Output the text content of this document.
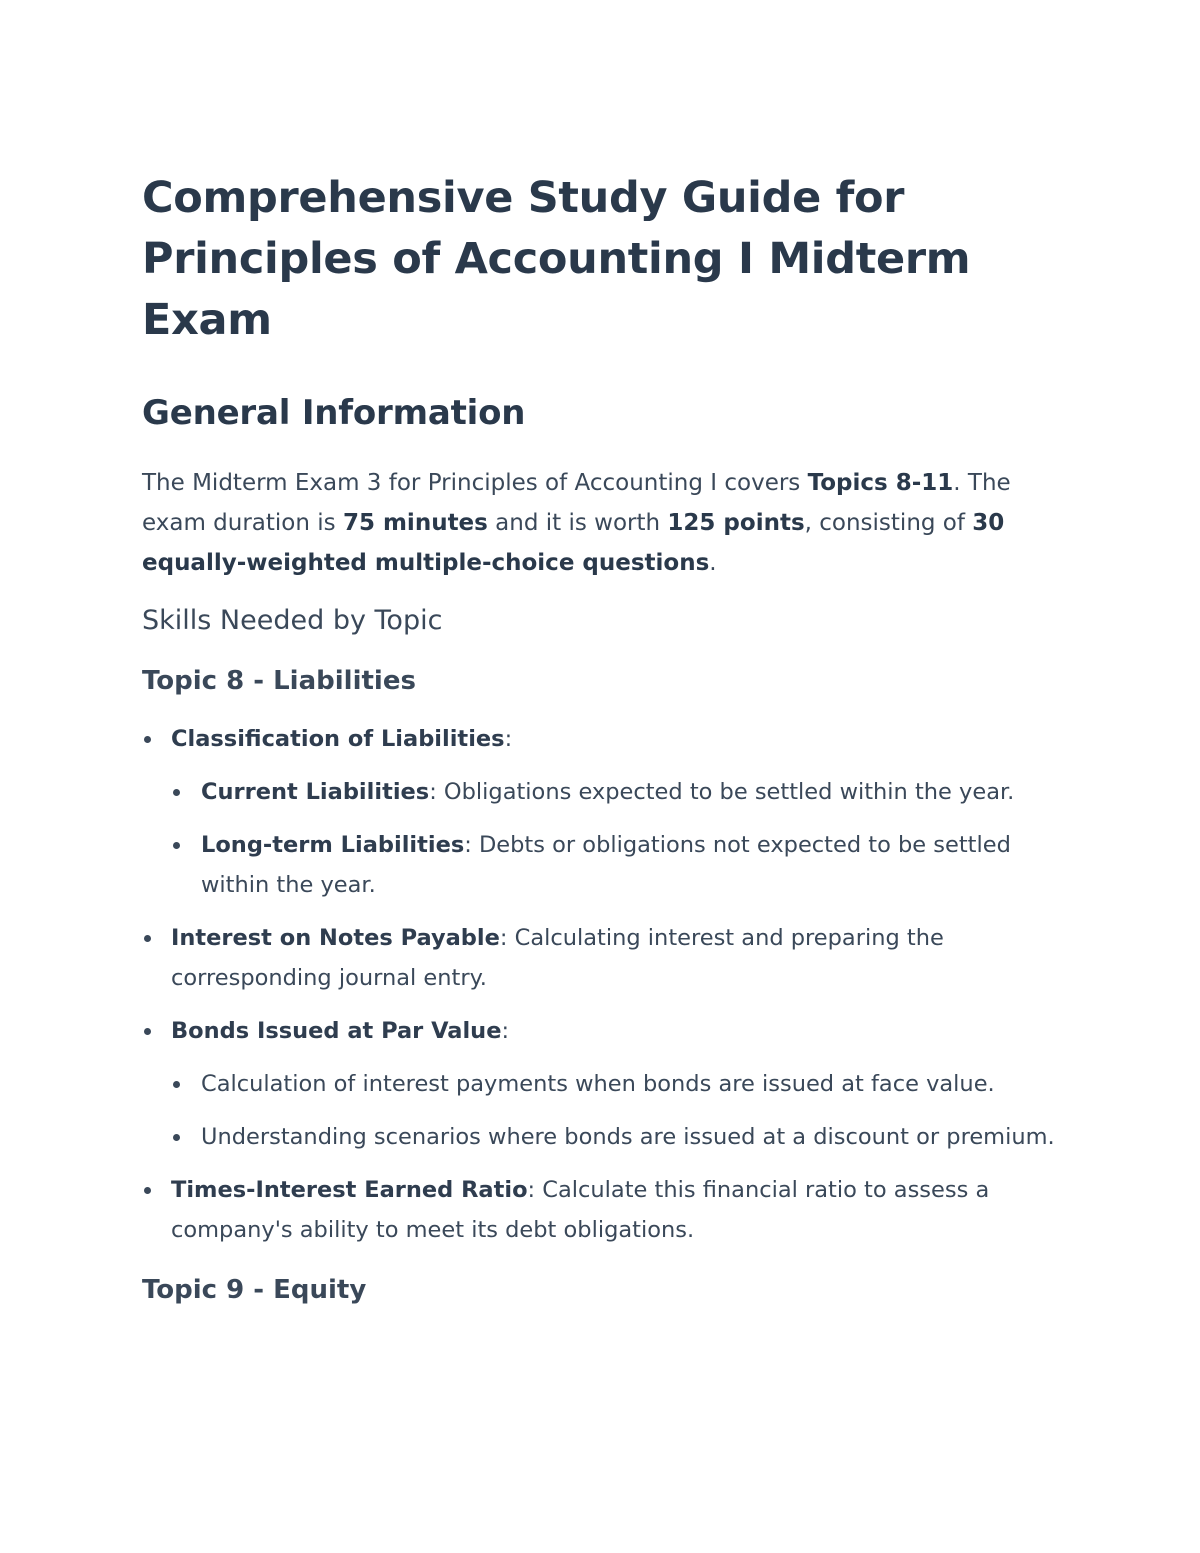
Comprehensive Study Guide for Principles of Accounting I Midterm Exam
General Information

The Midterm Exam 3 for Principles of Accounting I covers Topics 8-11. The exam duration is 75 minutes and it is worth 125 points, consisting of 30 equally-weighted multiple-choice questions.

Skills Needed by Topic
Topic 8 - Liabilities
Classification of Liabilities:
Current Liabilities: Obligations expected to be settled within the year.
Long-term Liabilities: Debts or obligations not expected to be settled within the year.
Interest on Notes Payable: Calculating interest and preparing the corresponding journal entry.
Bonds Issued at Par Value:
Calculation of interest payments when bonds are issued at face value.
Understanding scenarios where bonds are issued at a discount or premium.
Times-Interest Earned Ratio: Calculate this financial ratio to assess a company's ability to meet its debt obligations.
Topic 9 - Equity
